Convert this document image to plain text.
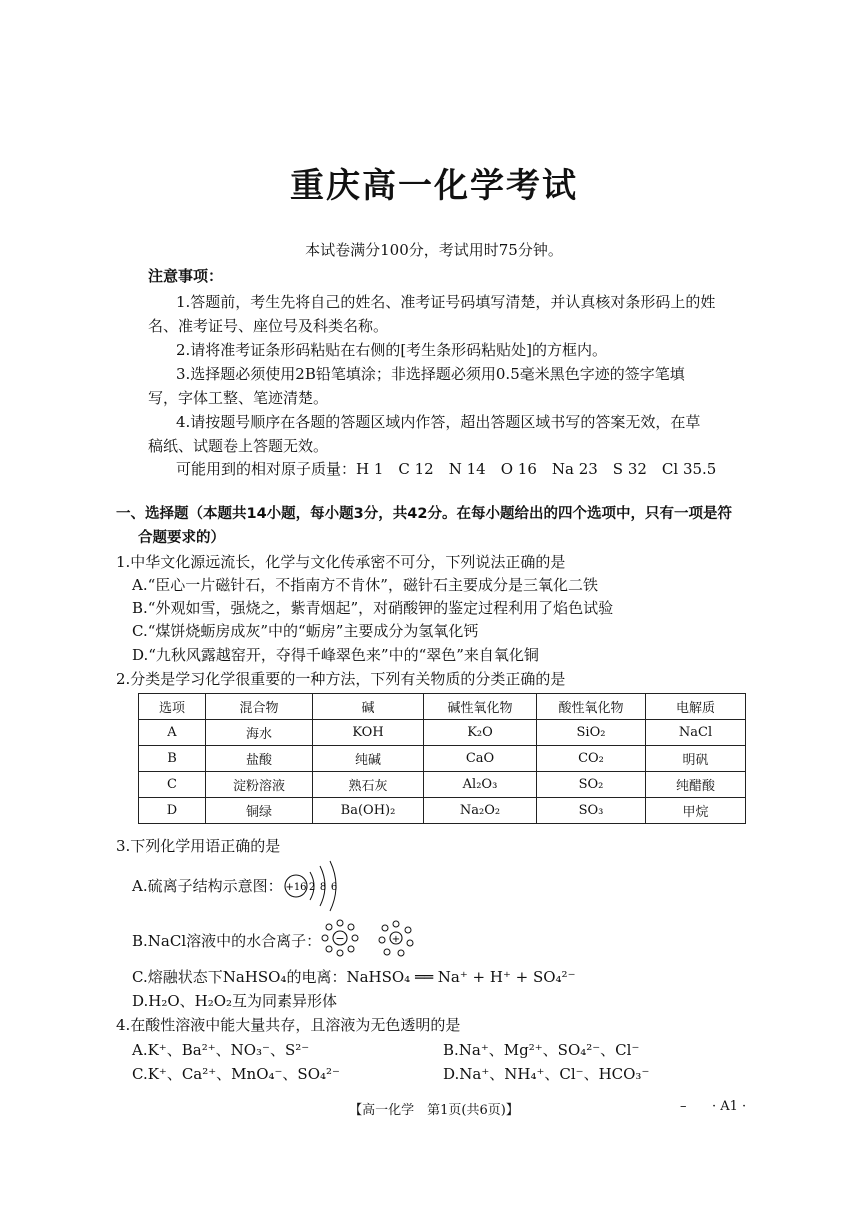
重庆高一化学考试
本试卷满分100分，考试用时75分钟。
注意事项：
1.答题前，考生先将自己的姓名、准考证号码填写清楚，并认真核对条形码上的姓
名、准考证号、座位号及科类名称。
2.请将准考证条形码粘贴在右侧的[考生条形码粘贴处]的方框内。
3.选择题必须使用2B铅笔填涂；非选择题必须用0.5毫米黑色字迹的签字笔填
写，字体工整、笔迹清楚。
4.请按题号顺序在各题的答题区域内作答，超出答题区域书写的答案无效，在草
稿纸、试题卷上答题无效。
可能用到的相对原子质量：H 1　C 12　N 14　O 16　Na 23　S 32　Cl 35.5
一、选择题（本题共14小题，每小题3分，共42分。在每小题给出的四个选项中，只有一项是符
合题要求的）
1.中华文化源远流长，化学与文化传承密不可分，下列说法正确的是
A.“臣心一片磁针石，不指南方不肯休”，磁针石主要成分是三氧化二铁
B.“外观如雪，强烧之，紫青烟起”，对硝酸钾的鉴定过程利用了焰色试验
C.“煤饼烧蛎房成灰”中的“蛎房”主要成分为氢氧化钙
D.“九秋风露越窑开，夺得千峰翠色来”中的“翠色”来自氧化铜
2.分类是学习化学很重要的一种方法，下列有关物质的分类正确的是
选项	混合物	碱	碱性氧化物	酸性氧化物	电解质
A	海水	KOH	K₂O	SiO₂	NaCl
B	盐酸	纯碱	CaO	CO₂	明矾
C	淀粉溶液	熟石灰	Al₂O₃	SO₂	纯醋酸
D	铜绿	Ba(OH)₂	Na₂O₂	SO₃	甲烷
3.下列化学用语正确的是
A.硫离子结构示意图： +16 2 8 6
B.NaCl溶液中的水合离子： −	+
C.熔融状态下NaHSO₄的电离：NaHSO₄ ══ Na⁺ + H⁺ + SO₄²⁻
D.H₂O、H₂O₂互为同素异形体
4.在酸性溶液中能大量共存，且溶液为无色透明的是
A.K⁺、Ba²⁺、NO₃⁻、S²⁻	B.Na⁺、Mg²⁺、SO₄²⁻、Cl⁻
C.K⁺、Ca²⁺、MnO₄⁻、SO₄²⁻	D.Na⁺、NH₄⁺、Cl⁻、HCO₃⁻
【高一化学　第1页(共6页)】	– · A1 ·
